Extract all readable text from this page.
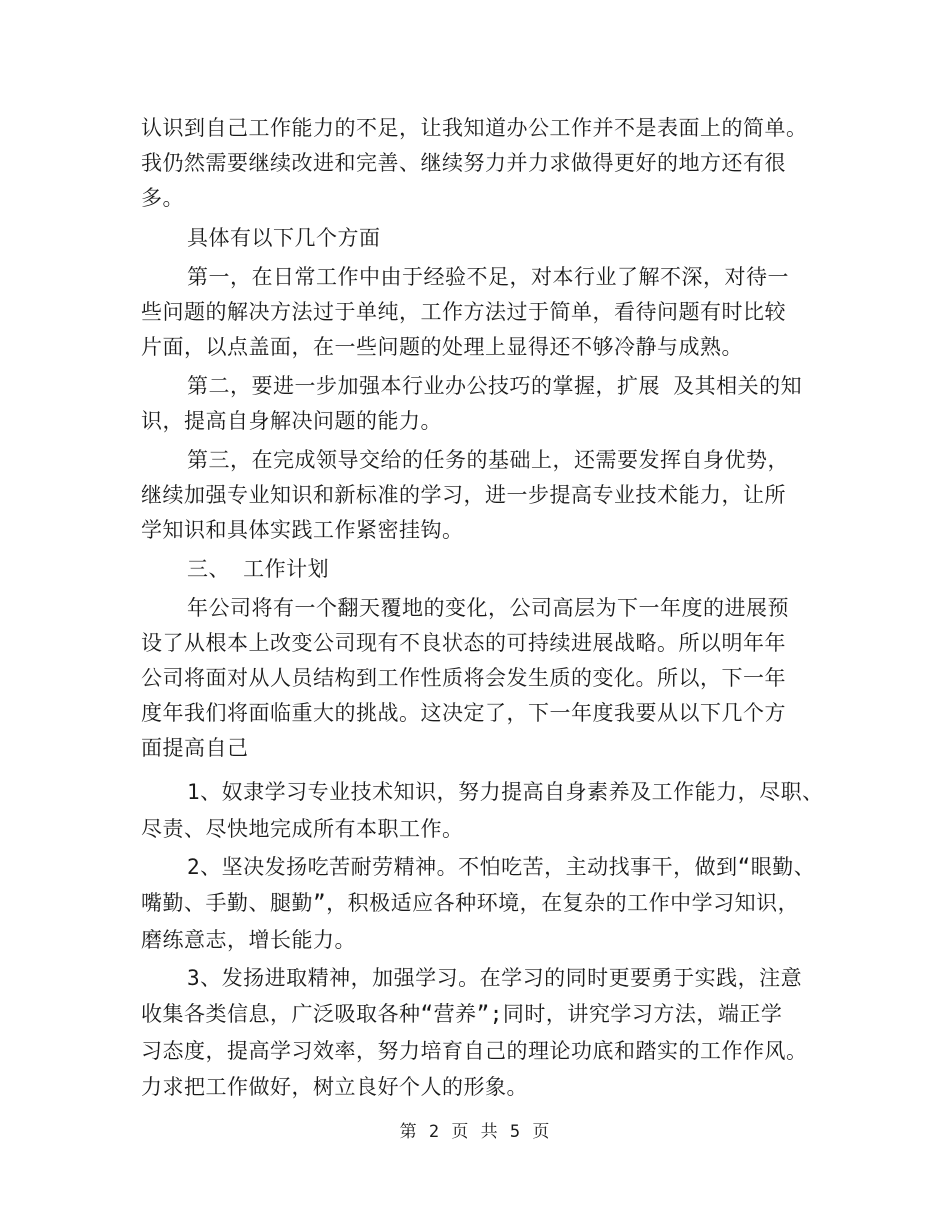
认识到自己工作能力的不足，让我知道办公工作并不是表面上的简单。
我仍然需要继续改进和完善、继续努力并力求做得更好的地方还有很
多。
具体有以下几个方面
第一，在日常工作中由于经验不足，对本行业了解不深，对待一
些问题的解决方法过于单纯，工作方法过于简单，看待问题有时比较
片面，以点盖面，在一些问题的处理上显得还不够冷静与成熟。
第二，要进一步加强本行业办公技巧的掌握，扩展 及其相关的知
识，提高自身解决问题的能力。
第三，在完成领导交给的任务的基础上，还需要发挥自身优势，
继续加强专业知识和新标准的学习，进一步提高专业技术能力，让所
学知识和具体实践工作紧密挂钩。
三、 工作计划
年公司将有一个翻天覆地的变化，公司高层为下一年度的进展预
设了从根本上改变公司现有不良状态的可持续进展战略。所以明年年
公司将面对从人员结构到工作性质将会发生质的变化。所以，下一年
度年我们将面临重大的挑战。这决定了，下一年度我要从以下几个方
面提高自己
1、奴隶学习专业技术知识，努力提高自身素养及工作能力，尽职、
尽责、尽快地完成所有本职工作。
2、坚决发扬吃苦耐劳精神。不怕吃苦，主动找事干，做到“眼勤、
嘴勤、手勤、腿勤”，积极适应各种环境，在复杂的工作中学习知识，
磨练意志，增长能力。
3、发扬进取精神，加强学习。在学习的同时更要勇于实践，注意
收集各类信息，广泛吸取各种“营养”;同时，讲究学习方法，端正学
习态度，提高学习效率，努力培育自己的理论功底和踏实的工作作风。
力求把工作做好，树立良好个人的形象。
第 2 页 共 5 页
